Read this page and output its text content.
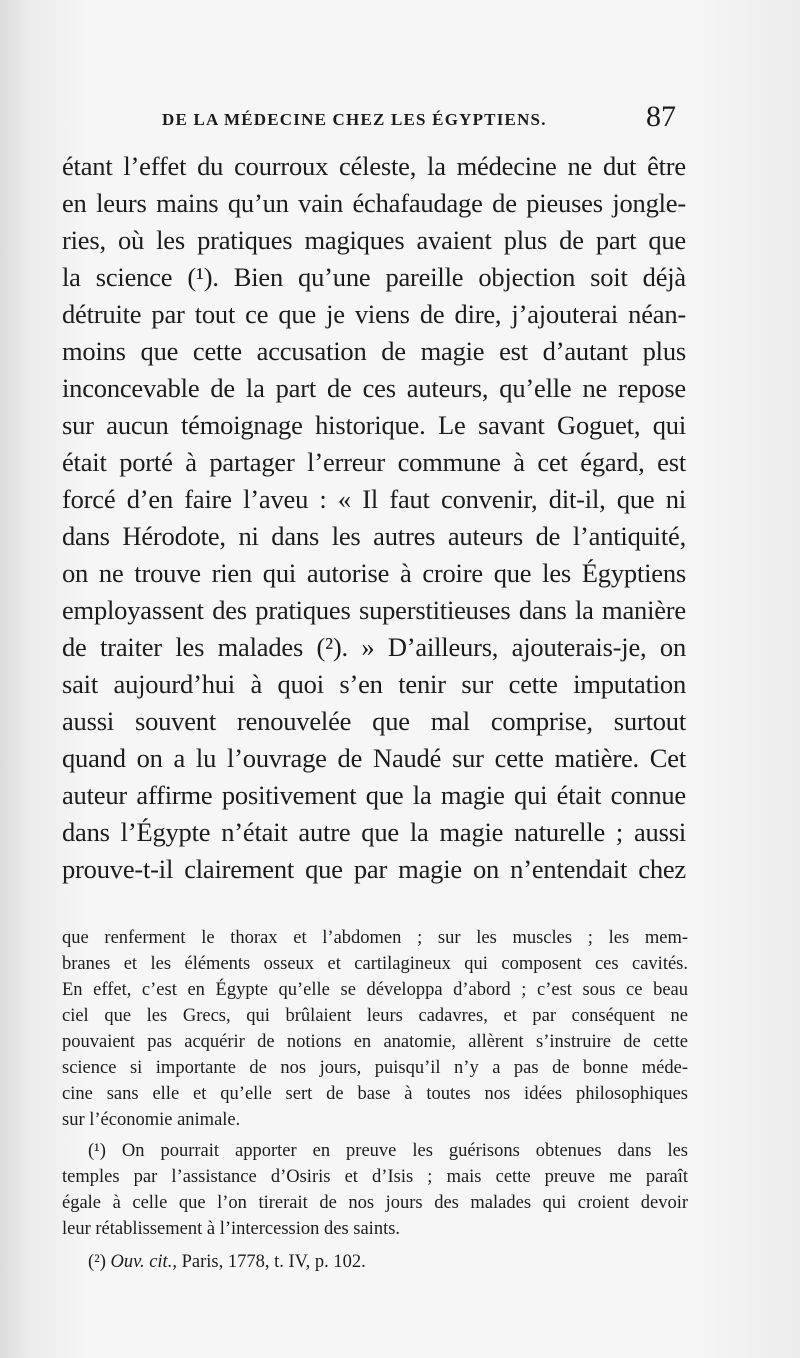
DE LA MÉDECINE CHEZ LES ÉGYPTIENS.	87
étant l’effet du courroux céleste, la médecine ne dut être
en leurs mains qu’un vain échafaudage de pieuses jongle-
ries, où les pratiques magiques avaient plus de part que
la science (¹). Bien qu’une pareille objection soit déjà
détruite par tout ce que je viens de dire, j’ajouterai néan-
moins que cette accusation de magie est d’autant plus
inconcevable de la part de ces auteurs, qu’elle ne repose
sur aucun témoignage historique. Le savant Goguet, qui
était porté à partager l’erreur commune à cet égard, est
forcé d’en faire l’aveu : « Il faut convenir, dit-il, que ni
dans Hérodote, ni dans les autres auteurs de l’antiquité,
on ne trouve rien qui autorise à croire que les Égyptiens
employassent des pratiques superstitieuses dans la manière
de traiter les malades (²). » D’ailleurs, ajouterais-je, on
sait aujourd’hui à quoi s’en tenir sur cette imputation
aussi souvent renouvelée que mal comprise, surtout
quand on a lu l’ouvrage de Naudé sur cette matière. Cet
auteur affirme positivement que la magie qui était connue
dans l’Égypte n’était autre que la magie naturelle ; aussi
prouve-t-il clairement que par magie on n’entendait chez
que renferment le thorax et l’abdomen ; sur les muscles ; les mem-
branes et les éléments osseux et cartilagineux qui composent ces cavités.
En effet, c’est en Égypte qu’elle se développa d’abord ; c’est sous ce beau
ciel que les Grecs, qui brûlaient leurs cadavres, et par conséquent ne
pouvaient pas acquérir de notions en anatomie, allèrent s’instruire de cette
science si importante de nos jours, puisqu’il n’y a pas de bonne méde-
cine sans elle et qu’elle sert de base à toutes nos idées philosophiques
sur l’économie animale.
(¹) On pourrait apporter en preuve les guérisons obtenues dans les
temples par l’assistance d’Osiris et d’Isis ; mais cette preuve me paraît
égale à celle que l’on tirerait de nos jours des malades qui croient devoir
leur rétablissement à l’intercession des saints.
(²) Ouv. cit., Paris, 1778, t. IV, p. 102.
